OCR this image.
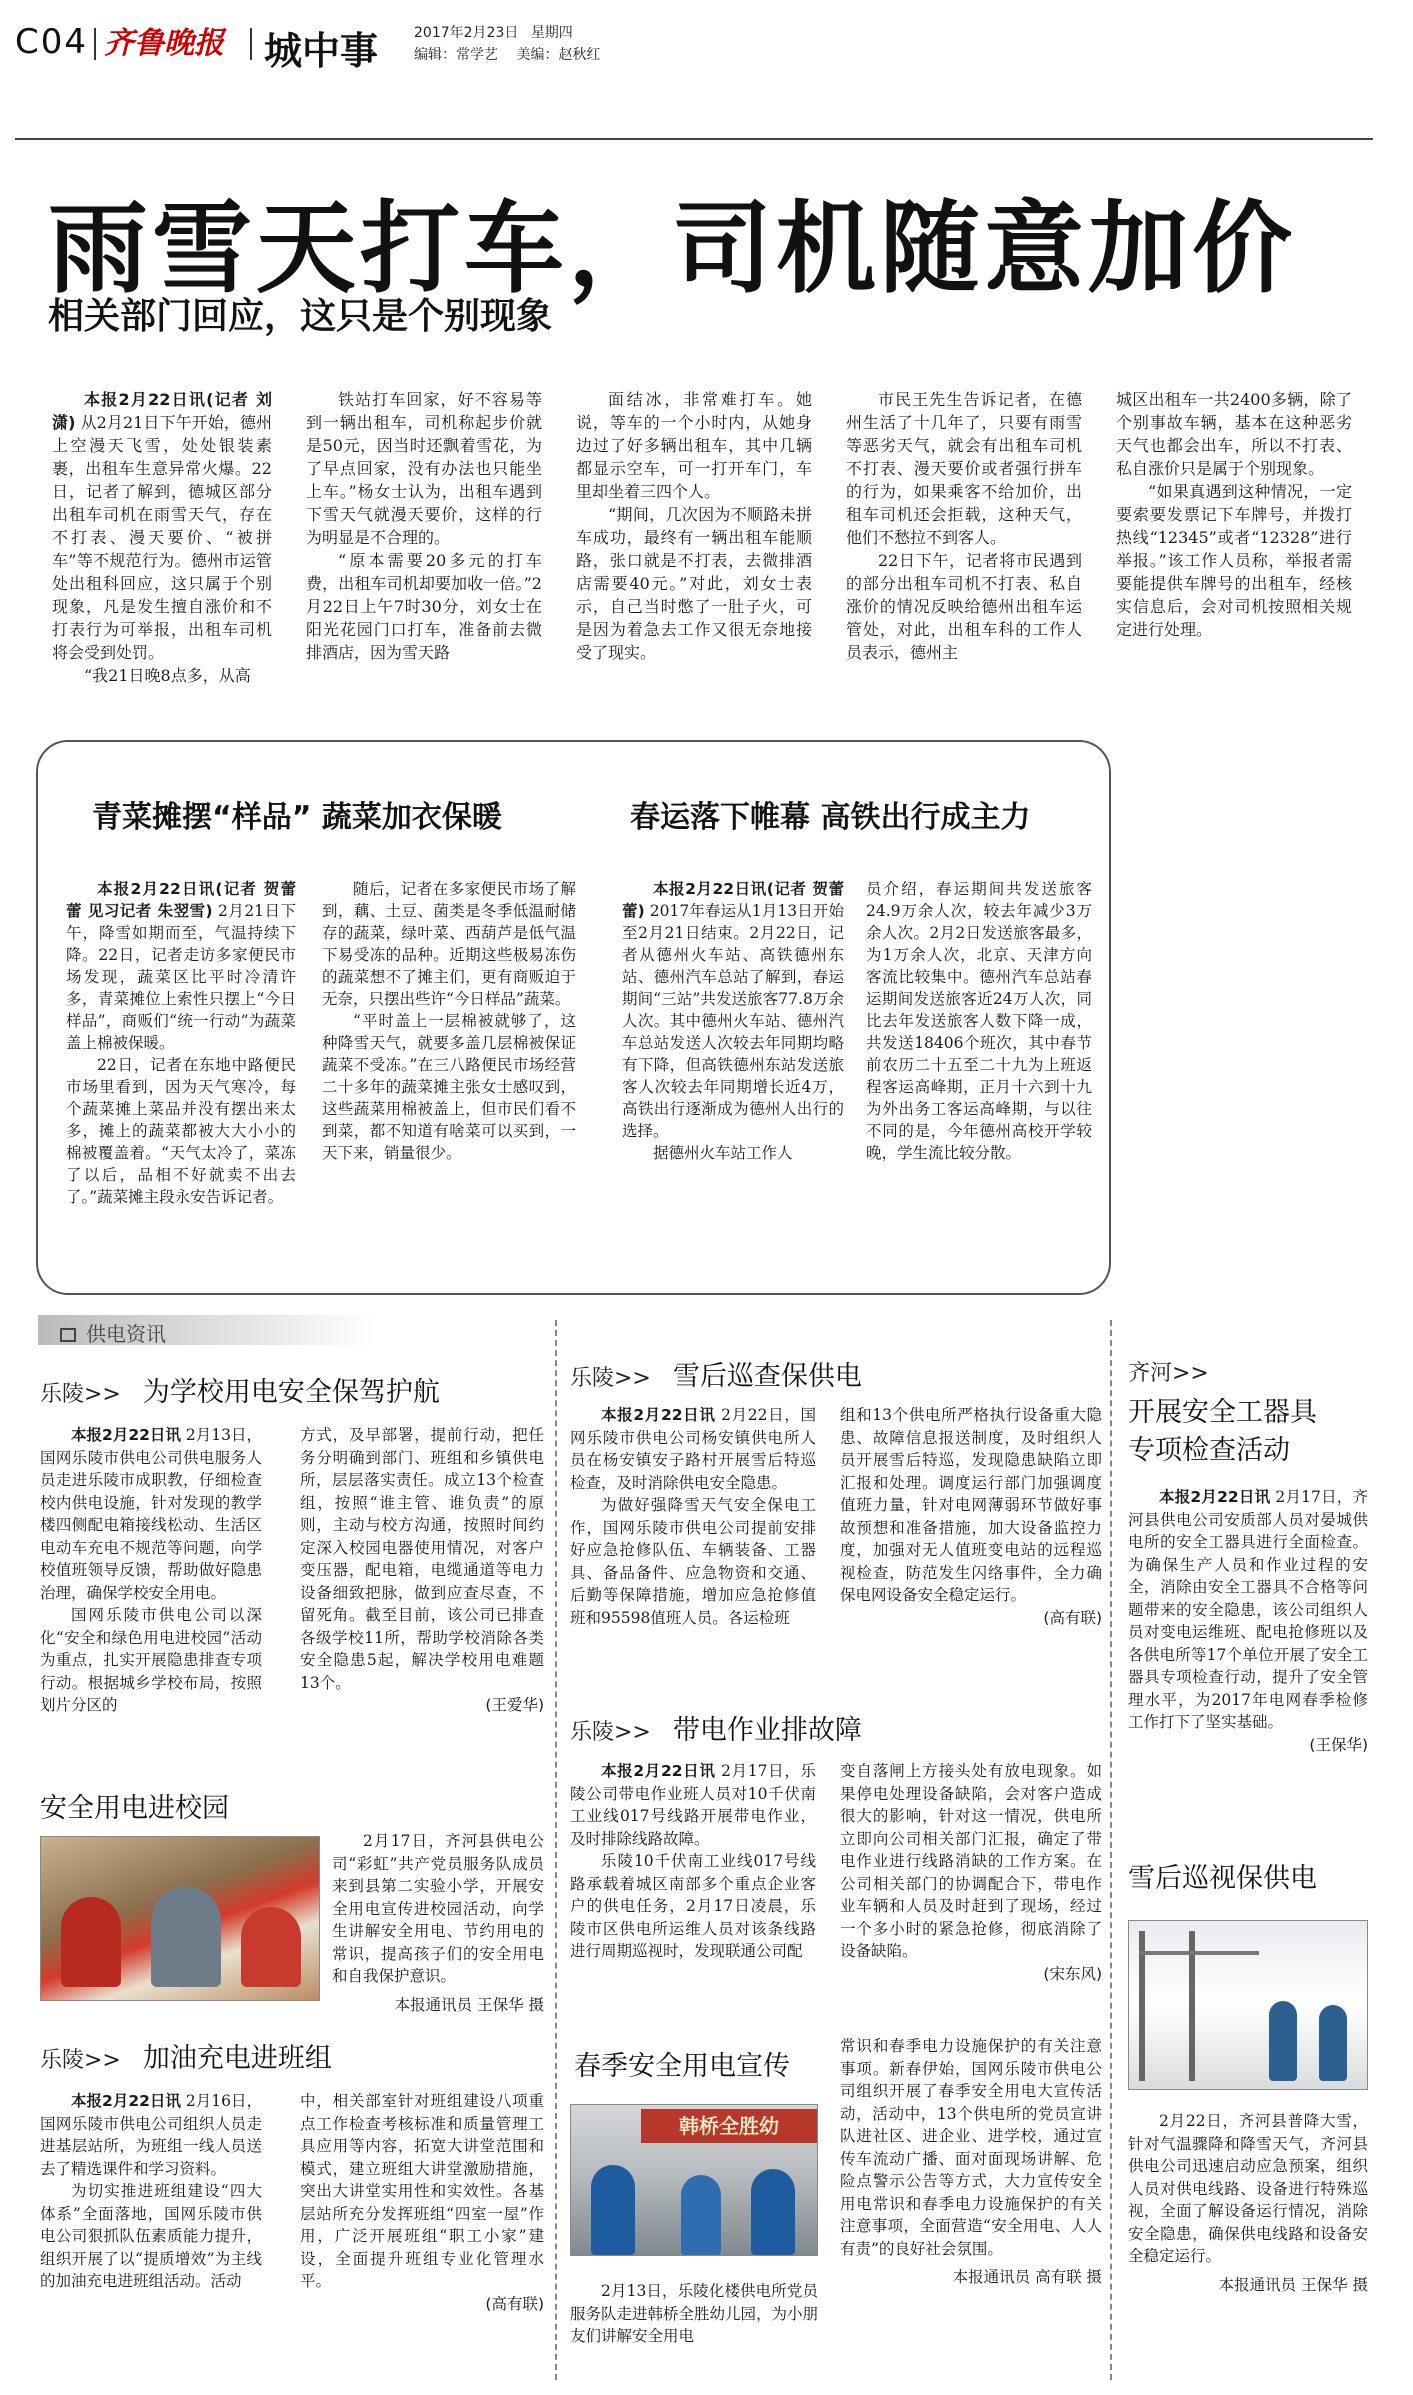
C04 齐鲁晚报 城中事	2017年2月23日 星期四
编辑：常学艺 美编：赵秋红
雨雪天打车，司机随意加价
相关部门回应，这只是个别现象

本报2月22日讯(记者 刘潇) 从2月21日下午开始，德州上空漫天飞雪，处处银装素裹，出租车生意异常火爆。22日，记者了解到，德城区部分出租车司机在雨雪天气，存在不打表、漫天要价、“被拼车”等不规范行为。德州市运管处出租科回应，这只属于个别现象，凡是发生擅自涨价和不打表行为可举报，出租车司机将会受到处罚。

“我21日晚8点多，从高

铁站打车回家，好不容易等到一辆出租车，司机称起步价就是50元，因当时还飘着雪花，为了早点回家，没有办法也只能坐上车。”杨女士认为，出租车遇到下雪天气就漫天要价，这样的行为明显是不合理的。

“原本需要20多元的打车费，出租车司机却要加收一倍。”2月22日上午7时30分，刘女士在阳光花园门口打车，准备前去微排酒店，因为雪天路

面结冰，非常难打车。她说，等车的一个小时内，从她身边过了好多辆出租车，其中几辆都显示空车，可一打开车门，车里却坐着三四个人。

“期间，几次因为不顺路未拼车成功，最终有一辆出租车能顺路，张口就是不打表，去微排酒店需要40元。”对此，刘女士表示，自己当时憋了一肚子火，可是因为着急去工作又很无奈地接受了现实。

市民王先生告诉记者，在德州生活了十几年了，只要有雨雪等恶劣天气，就会有出租车司机不打表、漫天要价或者强行拼车的行为，如果乘客不给加价，出租车司机还会拒载，这种天气，他们不愁拉不到客人。

22日下午，记者将市民遇到的部分出租车司机不打表、私自涨价的情况反映给德州出租车运管处，对此，出租车科的工作人员表示，德州主

城区出租车一共2400多辆，除了个别事故车辆，基本在这种恶劣天气也都会出车，所以不打表、私自涨价只是属于个别现象。

“如果真遇到这种情况，一定要索要发票记下车牌号，并拨打热线“12345”或者“12328”进行举报。”该工作人员称，举报者需要能提供车牌号的出租车，经核实信息后，会对司机按照相关规定进行处理。

青菜摊摆“样品” 蔬菜加衣保暖	春运落下帷幕 高铁出行成主力

本报2月22日讯(记者 贺蕾蕾 见习记者 朱翌雪) 2月21日下午，降雪如期而至，气温持续下降。22日，记者走访多家便民市场发现，蔬菜区比平时冷清许多，青菜摊位上索性只摆上“今日样品”，商贩们“统一行动”为蔬菜盖上棉被保暖。

22日，记者在东地中路便民市场里看到，因为天气寒冷，每个蔬菜摊上菜品并没有摆出来太多，摊上的蔬菜都被大大小小的棉被覆盖着。“天气太冷了，菜冻了以后，品相不好就卖不出去了。”蔬菜摊主段永安告诉记者。

随后，记者在多家便民市场了解到，藕、土豆、菌类是冬季低温耐储存的蔬菜，绿叶菜、西葫芦是低气温下易受冻的品种。近期这些极易冻伤的蔬菜想不了摊主们，更有商贩迫于无奈，只摆出些许“今日样品”蔬菜。

“平时盖上一层棉被就够了，这种降雪天气，就要多盖几层棉被保证蔬菜不受冻。”在三八路便民市场经营二十多年的蔬菜摊主张女士感叹到，这些蔬菜用棉被盖上，但市民们看不到菜，都不知道有啥菜可以买到，一天下来，销量很少。

本报2月22日讯(记者 贺蕾蕾) 2017年春运从1月13日开始至2月21日结束。2月22日，记者从德州火车站、高铁德州东站、德州汽车总站了解到，春运期间“三站”共发送旅客77.8万余人次。其中德州火车站、德州汽车总站发送人次较去年同期均略有下降，但高铁德州东站发送旅客人次较去年同期增长近4万，高铁出行逐渐成为德州人出行的选择。

据德州火车站工作人

员介绍，春运期间共发送旅客24.9万余人次，较去年减少3万余人次。2月2日发送旅客最多，为1万余人次，北京、天津方向客流比较集中。德州汽车总站春运期间发送旅客近24万人次，同比去年发送旅客人数下降一成，共发送18406个班次，其中春节前农历二十五至二十九为上班返程客运高峰期，正月十六到十九为外出务工客运高峰期，与以往不同的是，今年德州高校开学较晚，学生流比较分散。

供电资讯
乐陵>> 为学校用电安全保驾护航
安全用电进校园

2月17日，齐河县供电公司“彩虹”共产党员服务队成员来到县第二实验小学，开展安全用电宣传进校园活动，向学生讲解安全用电、节约用电的常识，提高孩子们的安全用电和自我保护意识。

本报通讯员 王保华 摄
乐陵>> 加油充电进班组
乐陵>> 雪后巡查保供电
乐陵>> 带电作业排故障
春季安全用电宣传
韩桥全胜幼

2月13日，乐陵化楼供电所党员服务队走进韩桥全胜幼儿园，为小朋友们讲解安全用电

常识和春季电力设施保护的有关注意事项。新春伊始，国网乐陵市供电公司组织开展了春季安全用电大宣传活动，活动中，13个供电所的党员宣讲队进社区、进企业、进学校，通过宣传车流动广播、面对面现场讲解、危险点警示公告等方式，大力宣传安全用电常识和春季电力设施保护的有关注意事项，全面营造“安全用电、人人有责”的良好社会氛围。

本报通讯员 高有联 摄
齐河>>
开展安全工器具
专项检查活动
雪后巡视保供电

2月22日，齐河县普降大雪，针对气温骤降和降雪天气，齐河县供电公司迅速启动应急预案，组织人员对供电线路、设备进行特殊巡视，全面了解设备运行情况，消除安全隐患，确保供电线路和设备安全稳定运行。

本报通讯员 王保华 摄

本报2月22日讯 2月13日，国网乐陵市供电公司供电服务人员走进乐陵市成职教，仔细检查校内供电设施，针对发现的教学楼四侧配电箱接线松动、生活区电动车充电不规范等问题，向学校值班领导反馈，帮助做好隐患治理，确保学校安全用电。

国网乐陵市供电公司以深化“安全和绿色用电进校园”活动为重点，扎实开展隐患排查专项行动。根据城乡学校布局，按照划片分区的

方式，及早部署，提前行动，把任务分明确到部门、班组和乡镇供电所，层层落实责任。成立13个检查组，按照“谁主管、谁负责”的原则，主动与校方沟通，按照时间约定深入校园电器使用情况，对客户变压器，配电箱，电缆通道等电力设备细致把脉，做到应查尽查，不留死角。截至目前，该公司已排查各级学校11所，帮助学校消除各类安全隐患5起，解决学校用电难题13个。

(王爱华)

本报2月22日讯 2月16日，国网乐陵市供电公司组织人员走进基层站所，为班组一线人员送去了精选课件和学习资料。

为切实推进班组建设“四大体系”全面落地，国网乐陵市供电公司狠抓队伍素质能力提升，组织开展了以“提质增效”为主线的加油充电进班组活动。活动

中，相关部室针对班组建设八项重点工作检查考核标准和质量管理工具应用等内容，拓宽大讲堂范围和模式，建立班组大讲堂激励措施，突出大讲堂实用性和实效性。各基层站所充分发挥班组“四室一屋”作用，广泛开展班组“职工小家”建设，全面提升班组专业化管理水平。

(高有联)

本报2月22日讯 2月22日，国网乐陵市供电公司杨安镇供电所人员在杨安镇安子路村开展雪后特巡检查，及时消除供电安全隐患。

为做好强降雪天气安全保电工作，国网乐陵市供电公司提前安排好应急抢修队伍、车辆装备、工器具、备品备件、应急物资和交通、后勤等保障措施，增加应急抢修值班和95598值班人员。各运检班

组和13个供电所严格执行设备重大隐患、故障信息报送制度，及时组织人员开展雪后特巡，发现隐患缺陷立即汇报和处理。调度运行部门加强调度值班力量，针对电网薄弱环节做好事故预想和准备措施，加大设备监控力度，加强对无人值班变电站的远程巡视检查，防范发生闪络事件，全力确保电网设备安全稳定运行。

(高有联)

本报2月22日讯 2月17日，乐陵公司带电作业班人员对10千伏南工业线017号线路开展带电作业，及时排除线路故障。

乐陵10千伏南工业线017号线路承载着城区南部多个重点企业客户的供电任务，2月17日凌晨，乐陵市区供电所运维人员对该条线路进行周期巡视时，发现联通公司配

变自落闸上方接头处有放电现象。如果停电处理设备缺陷，会对客户造成很大的影响，针对这一情况，供电所立即向公司相关部门汇报，确定了带电作业进行线路消缺的工作方案。在公司相关部门的协调配合下，带电作业车辆和人员及时赶到了现场，经过一个多小时的紧急抢修，彻底消除了设备缺陷。

(宋东风)

本报2月22日讯 2月17日，齐河县供电公司安质部人员对晏城供电所的安全工器具进行全面检查。为确保生产人员和作业过程的安全，消除由安全工器具不合格等问题带来的安全隐患，该公司组织人员对变电运维班、配电抢修班以及各供电所等17个单位开展了安全工器具专项检查行动，提升了安全管理水平，为2017年电网春季检修工作打下了坚实基础。

(王保华)
